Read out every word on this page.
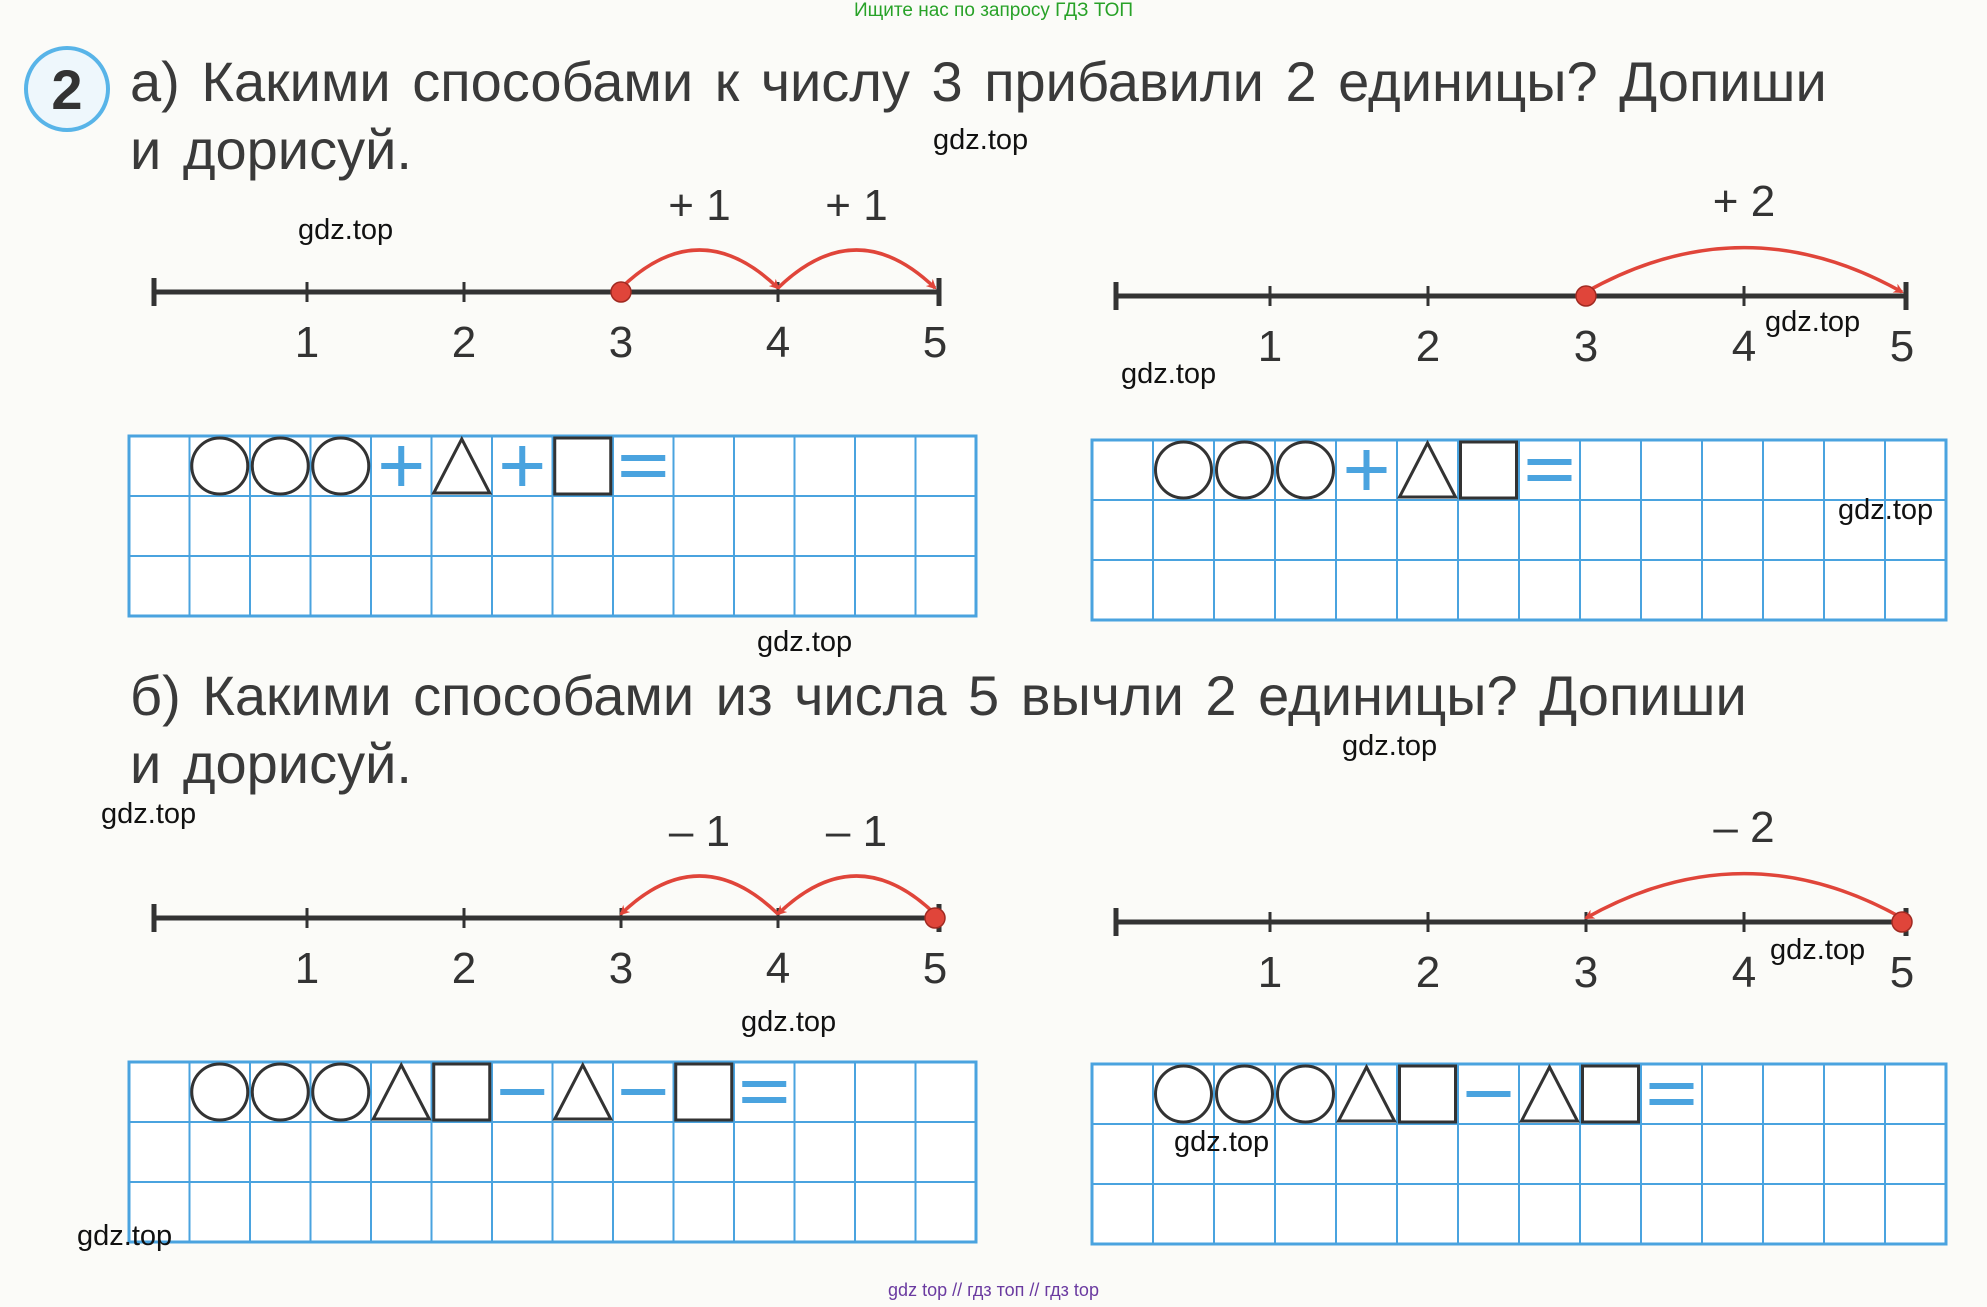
Ищите нас по запросу ГДЗ ТОП
2 а) Какими способами к числу 3 прибавили 2 единицы? Допиши
и дорисуй.
б) Какими способами из числа 5 вычли 2 единицы? Допиши
и дорисуй.
1	2	3	4	5
+ 1 + 1
1	2	3	4	5
+ 2
1	2	3	4	5
– 1
– 1
1	2	3	4	5
– 2
gdz.top
gdz.top
gdz.top
gdz.top
gdz.top
gdz.top
gdz.top
gdz.top
gdz.top
gdz.top
gdz.top
gdz.top
gdz top // гдз топ // гдз top
